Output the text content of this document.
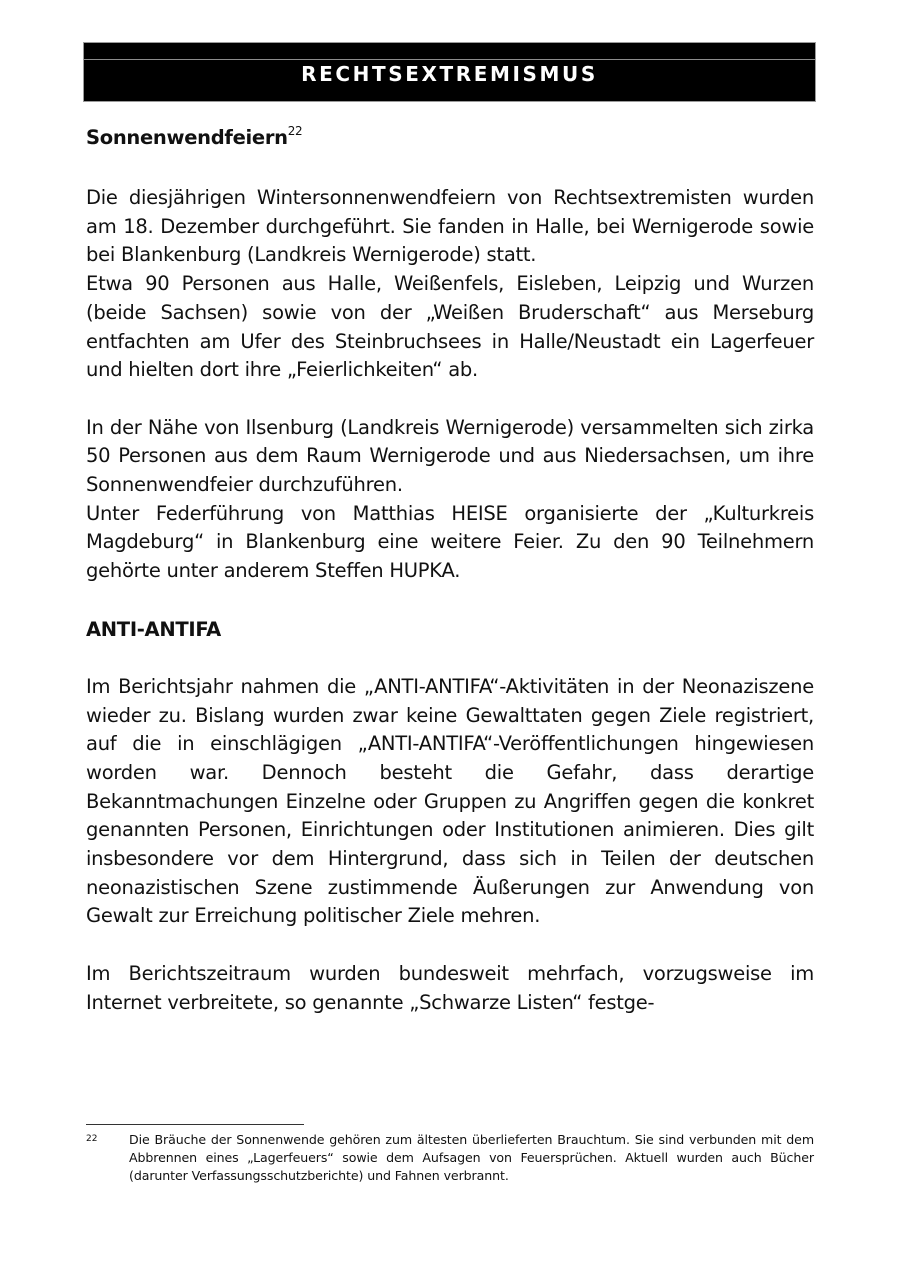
RECHTSEXTREMISMUS
Sonnenwendfeiern$^{22}$

Die diesjährigen Wintersonnenwendfeiern von Rechtsextremisten wurden am 18. Dezember durchgeführt. Sie fanden in Halle, bei Wernigerode sowie bei Blankenburg (Landkreis Wernigerode) statt.

Etwa 90 Personen aus Halle, Weißenfels, Eisleben, Leipzig und Wurzen (beide Sachsen) sowie von der „Weißen Bruderschaft“ aus Merseburg entfachten am Ufer des Steinbruchsees in Halle/Neustadt ein Lagerfeuer und hielten dort ihre „Feierlichkeiten“ ab.

In der Nähe von Ilsenburg (Landkreis Wernigerode) versammelten sich zirka 50 Personen aus dem Raum Wernigerode und aus Niedersachsen, um ihre Sonnenwendfeier durchzuführen.

Unter Federführung von Matthias HEISE organisierte der „Kulturkreis Magdeburg“ in Blankenburg eine weitere Feier. Zu den 90 Teilnehmern gehörte unter anderem Steffen HUPKA.

ANTI-ANTIFA

Im Berichtsjahr nahmen die „ANTI-ANTIFA“-Aktivitäten in der Neonaziszene wieder zu. Bislang wurden zwar keine Gewalttaten gegen Ziele registriert, auf die in einschlägigen „ANTI-ANTIFA“-Veröffentlichungen hingewiesen worden war. Dennoch besteht die Gefahr, dass derartige Bekanntmachungen Einzelne oder Gruppen zu Angriffen gegen die konkret genannten Personen, Einrichtungen oder Institutionen animieren. Dies gilt insbesondere vor dem Hintergrund, dass sich in Teilen der deutschen neonazistischen Szene zustimmende Äußerungen zur Anwendung von Gewalt zur Erreichung politischer Ziele mehren.

Im Berichtszeitraum wurden bundesweit mehrfach, vorzugsweise im Internet verbreitete, so genannte „Schwarze Listen“ festge-

22	Die Bräuche der Sonnenwende gehören zum ältesten überlieferten Brauchtum. Sie sind verbunden mit dem Abbrennen eines „Lagerfeuers“ sowie dem Aufsagen von Feuersprüchen. Aktuell wurden auch Bücher (darunter Verfassungsschutzberichte) und Fahnen verbrannt.
